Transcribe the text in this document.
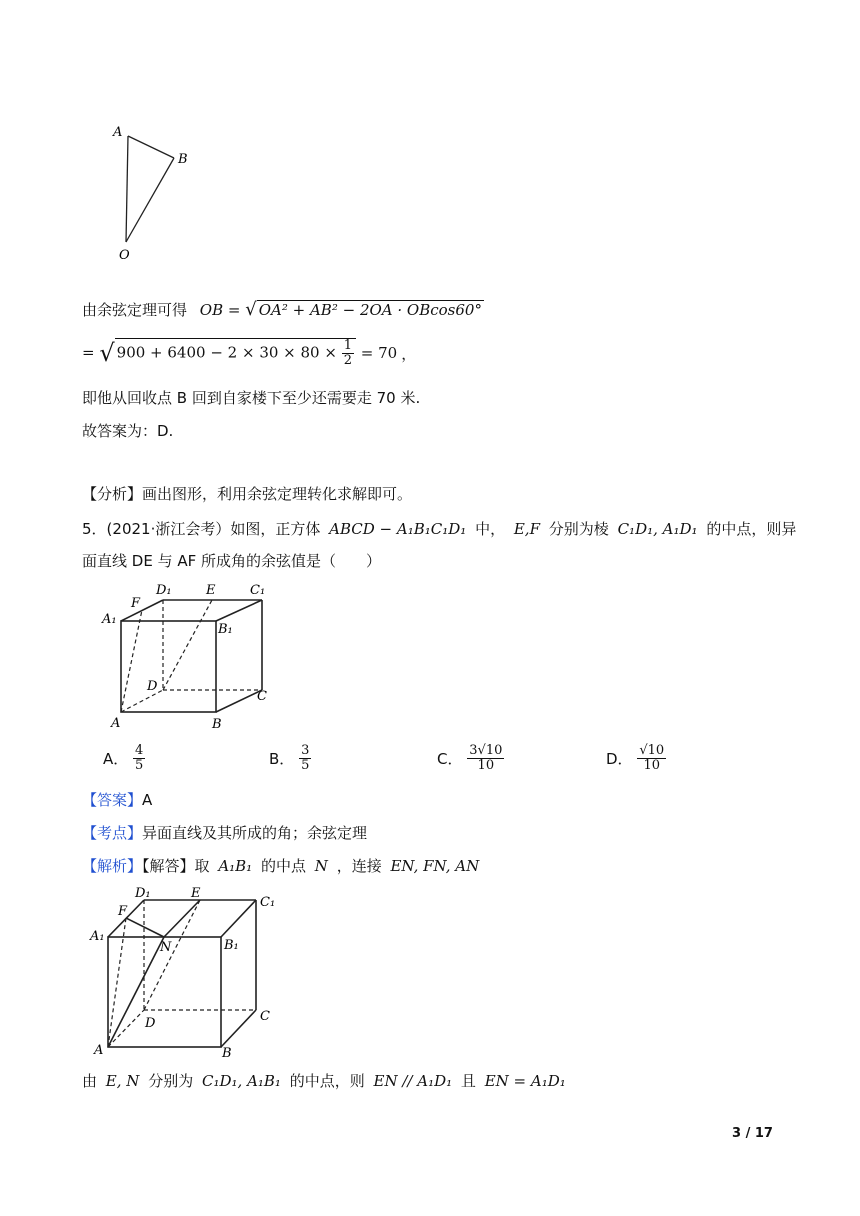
A
B
O
由余弦定理可得 OB = √ OA² + AB² − 2OA · OBcos60°
= √ $900 + 6400 - 2 \times 30 \times 80 \times \frac{1}{2} = 70$ ，
即他从回收点 B 回到自家楼下至少还需要走 70 米.
故答案为：D.
【分析】画出图形，利用余弦定理转化求解即可。
5．(2021·浙江会考）如图，正方体 ABCD − A₁B₁C₁D₁ 中， E,F 分别为棱 C₁D₁, A₁D₁ 的中点，则异
面直线 DE 与 AF 所成角的余弦值是（　　）
F
D₁	E	C₁
A₁
B₁
D
C
A	B
A． $\frac{4}{5}$	B． $\frac{3}{5}$	C． $\frac{3√10}{10}$	D． $\frac{√10}{10}$
【答案】A
【考点】异面直线及其所成的角；余弦定理
【解析】【解答】取 A₁B₁ 的中点 N ，连接 EN, FN, AN
F
D₁	E
C₁
A₁
N	B₁
D	C
A	B
由 E, N 分别为 C₁D₁, A₁B₁ 的中点，则 EN // A₁D₁ 且 EN = A₁D₁
3 / 17
